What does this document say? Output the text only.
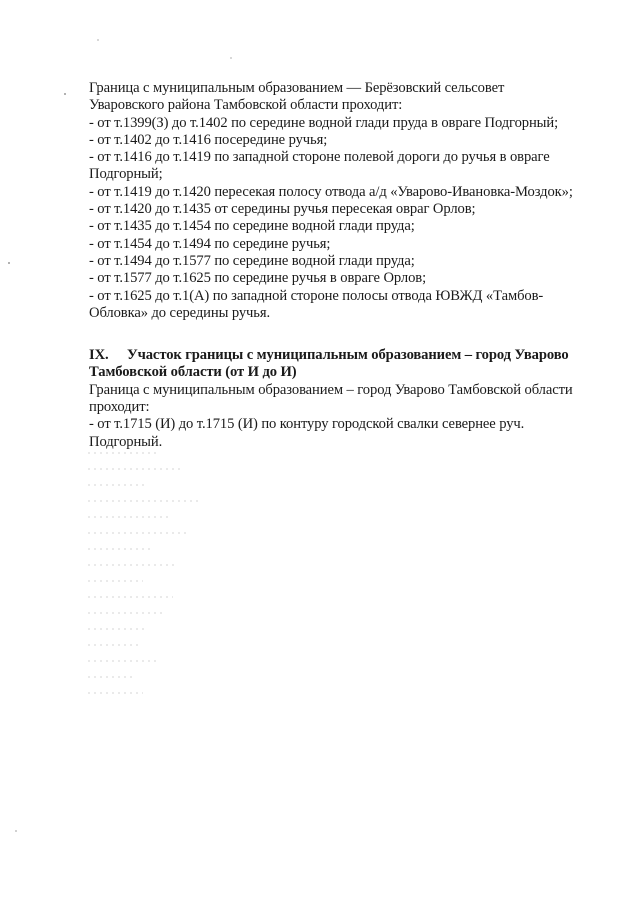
Граница с муниципальным образованием — Берёзовский сельсовет
Уваровского района Тамбовской области проходит:
- от т.1399(З) до т.1402 по середине водной глади пруда в овраге Подгорный;
- от т.1402 до т.1416 посередине ручья;
- от т.1416 до т.1419 по западной стороне полевой дороги до ручья в овраге
Подгорный;
- от т.1419 до т.1420 пересекая полосу отвода а/д «Уварово-Ивановка-Моздок»;
- от т.1420 до т.1435 от середины ручья пересекая овраг Орлов;
- от т.1435 до т.1454 по середине водной глади пруда;
- от т.1454 до т.1494 по середине ручья;
- от т.1494 до т.1577 по середине водной глади пруда;
- от т.1577 до т.1625 по середине ручья в овраге Орлов;
- от т.1625 до т.1(А) по западной стороне полосы отвода ЮВЖД «Тамбов-
Обловка» до середины ручья.
IX. Участок границы с муниципальным образованием – город Уварово
Тамбовской области (от И до И)
Граница с муниципальным образованием – город Уварово Тамбовской области
проходит:
- от т.1715 (И) до т.1715 (И) по контуру городской свалки севернее руч.
Подгорный.
